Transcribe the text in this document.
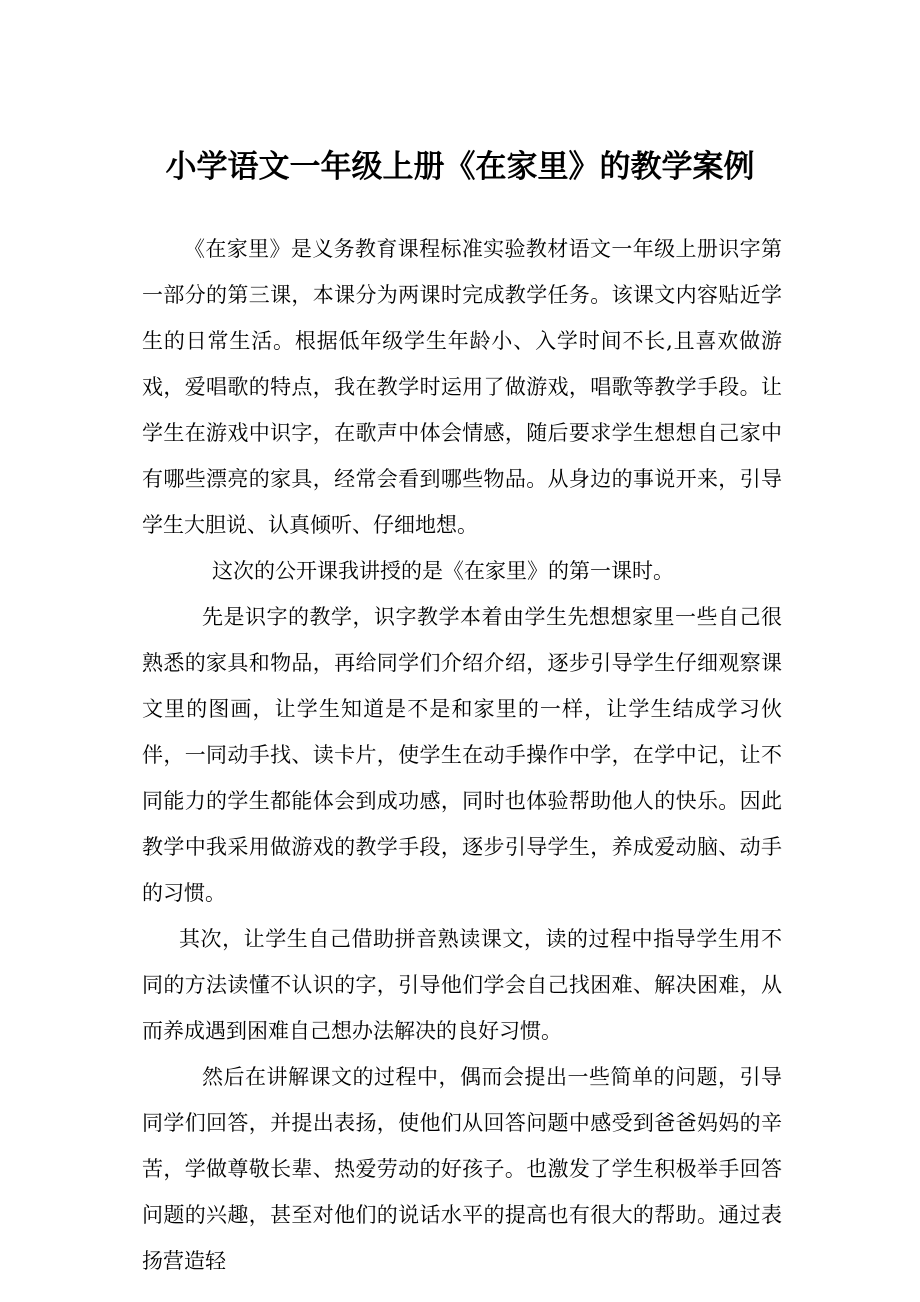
小学语文一年级上册《在家里》的教学案例

《在家里》是义务教育课程标准实验教材语文一年级上册识字第一部分的第三课，本课分为两课时完成教学任务。该课文内容贴近学生的日常生活。根据低年级学生年龄小、入学时间不长,且喜欢做游戏，爱唱歌的特点，我在教学时运用了做游戏，唱歌等教学手段。让学生在游戏中识字，在歌声中体会情感，随后要求学生想想自己家中有哪些漂亮的家具，经常会看到哪些物品。从身边的事说开来，引导学生大胆说、认真倾听、仔细地想。

这次的公开课我讲授的是《在家里》的第一课时。

先是识字的教学，识字教学本着由学生先想想家里一些自己很熟悉的家具和物品，再给同学们介绍介绍，逐步引导学生仔细观察课文里的图画，让学生知道是不是和家里的一样，让学生结成学习伙伴，一同动手找、读卡片，使学生在动手操作中学，在学中记，让不同能力的学生都能体会到成功感，同时也体验帮助他人的快乐。因此教学中我采用做游戏的教学手段，逐步引导学生，养成爱动脑、动手的习惯。

其次，让学生自己借助拼音熟读课文，读的过程中指导学生用不同的方法读懂不认识的字，引导他们学会自己找困难、解决困难，从而养成遇到困难自己想办法解决的良好习惯。

然后在讲解课文的过程中，偶而会提出一些简单的问题，引导同学们回答，并提出表扬，使他们从回答问题中感受到爸爸妈妈的辛苦，学做尊敬长辈、热爱劳动的好孩子。也激发了学生积极举手回答问题的兴趣，甚至对他们的说话水平的提高也有很大的帮助。通过表扬营造轻
